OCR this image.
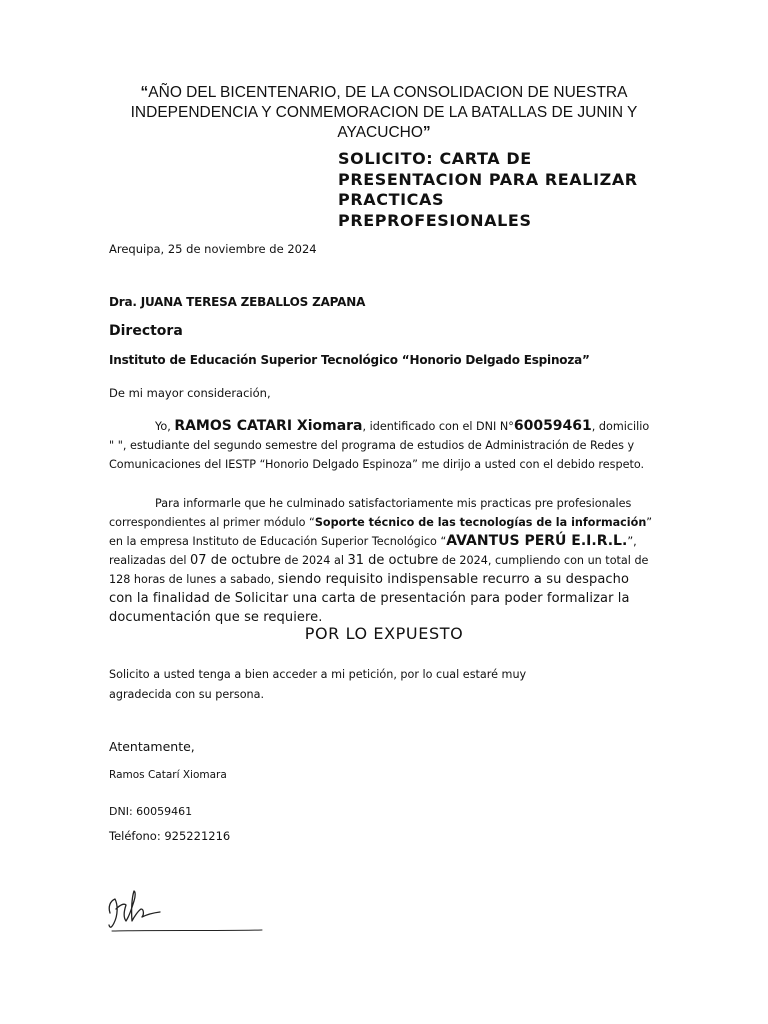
“AÑO DEL BICENTENARIO, DE LA CONSOLIDACION DE NUESTRA INDEPENDENCIA Y CONMEMORACION DE LA BATALLAS DE JUNIN Y AYACUCHO”
SOLICITO: CARTA DE PRESENTACION PARA REALIZAR PRACTICAS PREPROFESIONALES
Arequipa, 25 de noviembre de 2024
Dra. JUANA TERESA ZEBALLOS ZAPANA
Directora
Instituto de Educación Superior Tecnológico “Honorio Delgado Espinoza”
De mi mayor consideración,
Yo, RAMOS CATARI Xiomara, identificado con el DNI N°60059461, domicilio " ", estudiante del segundo semestre del programa de estudios de Administración de Redes y Comunicaciones del IESTP “Honorio Delgado Espinoza” me dirijo a usted con el debido respeto.
Para informarle que he culminado satisfactoriamente mis practicas pre profesionales correspondientes al primer módulo “Soporte técnico de las tecnologías de la información” en la empresa Instituto de Educación Superior Tecnológico “AVANTUS PERÚ E.I.R.L.”, realizadas del 07 de octubre de 2024 al 31 de octubre de 2024, cumpliendo con un total de 128 horas de lunes a sabado, siendo requisito indispensable recurro a su despacho con la finalidad de Solicitar una carta de presentación para poder formalizar la documentación que se requiere.
POR LO EXPUESTO
Solicito a usted tenga a bien acceder a mi petición, por lo cual estaré muy agradecida con su persona.
Atentamente,
Ramos Catarí Xiomara
DNI: 60059461
Teléfono: 925221216
